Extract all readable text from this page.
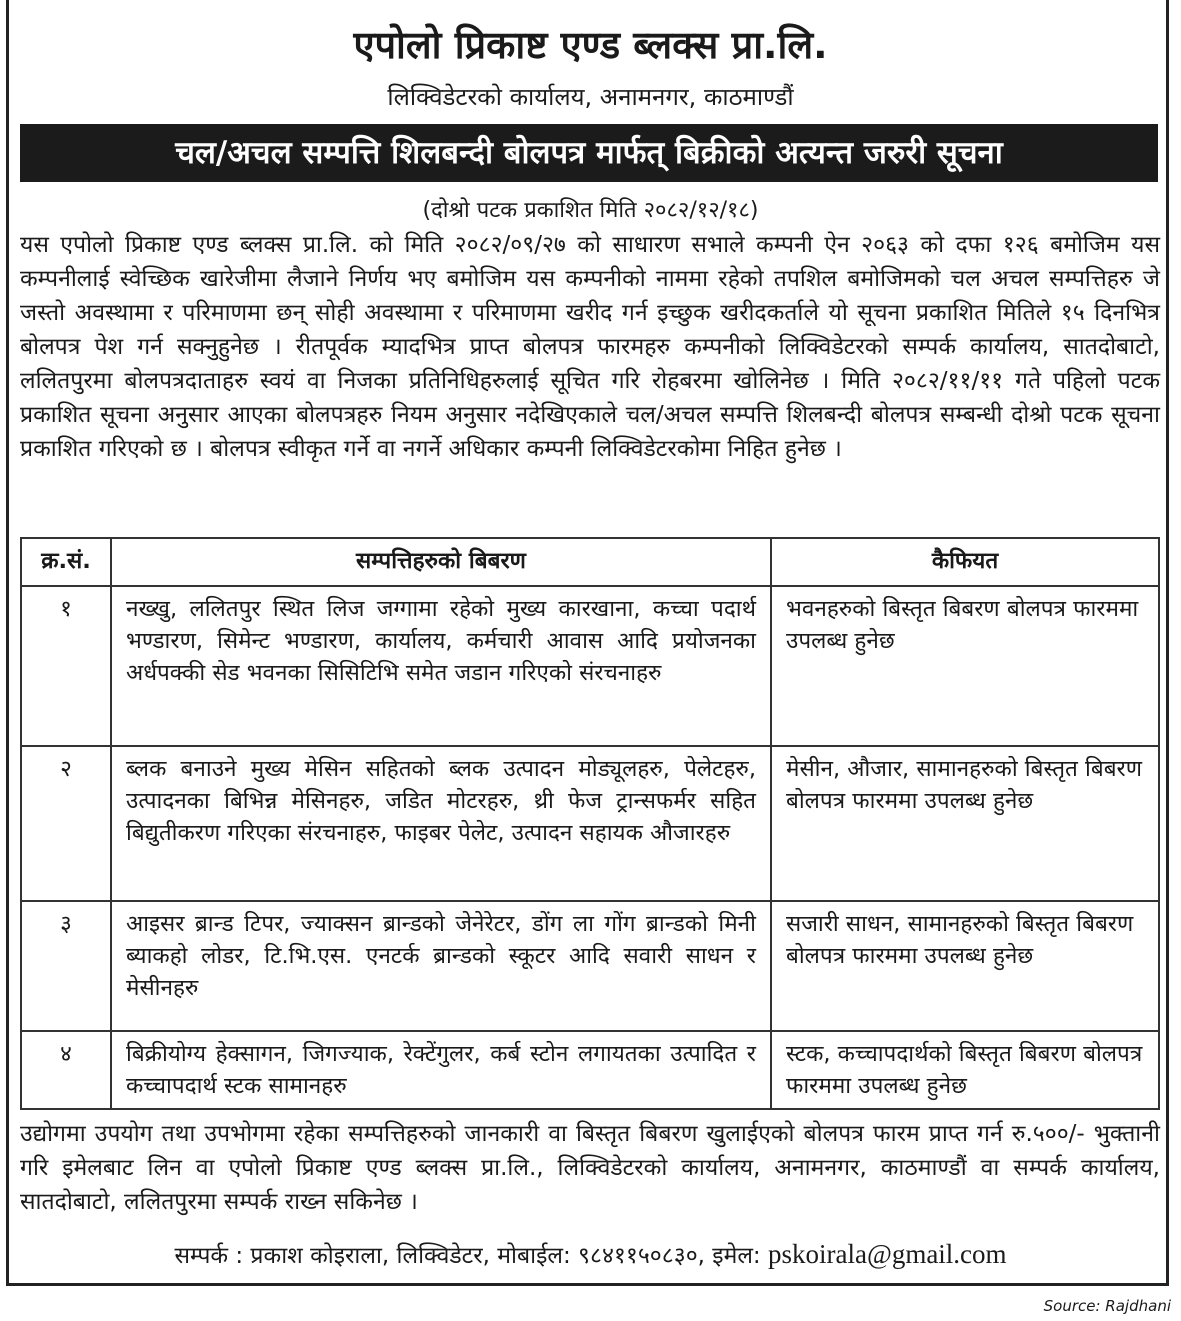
एपोलो प्रिकाष्ट एण्ड ब्लक्स प्रा.लि.
लिक्विडेटरको कार्यालय, अनामनगर, काठमाण्डौं
चल/अचल सम्पत्ति शिलबन्दी बोलपत्र मार्फत् बिक्रीको अत्यन्त जरुरी सूचना
(दोश्रो पटक प्रकाशित मिति २०८२/१२/१८)
यस एपोलो प्रिकाष्ट एण्ड ब्लक्स प्रा.लि. को मिति २०८२/०९/२७ को साधारण सभाले कम्पनी ऐन २०६३ को दफा १२६ बमोजिम यस कम्पनीलाई स्वेच्छिक खारेजीमा लैजाने निर्णय भए बमोजिम यस कम्पनीको नाममा रहेको तपशिल बमोजिमको चल अचल सम्पत्तिहरु जे जस्तो अवस्थामा र परिमाणमा छन् सोही अवस्थामा र परिमाणमा खरीद गर्न इच्छुक खरीदकर्ताले यो सूचना प्रकाशित मितिले १५ दिनभित्र बोलपत्र पेश गर्न सक्नुहुनेछ । रीतपूर्वक म्यादभित्र प्राप्त बोलपत्र फारमहरु कम्पनीको लिक्विडेटरको सम्पर्क कार्यालय, सातदोबाटो, ललितपुरमा बोलपत्रदाताहरु स्वयं वा निजका प्रतिनिधिहरुलाई सूचित गरि रोहबरमा खोलिनेछ । मिति २०८२/११/११ गते पहिलो पटक प्रकाशित सूचना अनुसार आएका बोलपत्रहरु नियम अनुसार नदेखिएकाले चल/अचल सम्पत्ति शिलबन्दी बोलपत्र सम्बन्धी दोश्रो पटक सूचना प्रकाशित गरिएको छ । बोलपत्र स्वीकृत गर्ने वा नगर्ने अधिकार कम्पनी लिक्विडेटरकोमा निहित हुनेछ ।
क्र.सं.	सम्पत्तिहरुको बिबरण	कैफियत
१	नख्खु, ललितपुर स्थित लिज जग्गामा रहेको मुख्य कारखाना, कच्चा पदार्थ भण्डारण, सिमेन्ट भण्डारण, कार्यालय, कर्मचारी आवास आदि प्रयोजनका अर्धपक्की सेड भवनका सिसिटिभि समेत जडान गरिएको संरचनाहरु	भवनहरुको बिस्तृत बिबरण बोलपत्र फारममा उपलब्ध हुनेछ
२	ब्लक बनाउने मुख्य मेसिन सहितको ब्लक उत्पादन मोड्यूलहरु, पेलेटहरु, उत्पादनका बिभिन्न मेसिनहरु, जडित मोटरहरु, थ्री फेज ट्रान्सफर्मर सहित बिद्युतीकरण गरिएका संरचनाहरु, फाइबर पेलेट, उत्पादन सहायक औजारहरु	मेसीन, औजार, सामानहरुको बिस्तृत बिबरण बोलपत्र फारममा उपलब्ध हुनेछ
३	आइसर ब्रान्ड टिपर, ज्याक्सन ब्रान्डको जेनेरेटर, डोंग ला गोंग ब्रान्डको मिनी ब्याकहो लोडर, टि.भि.एस. एनटर्क ब्रान्डको स्कूटर आदि सवारी साधन र मेसीनहरु	सजारी साधन, सामानहरुको बिस्तृत बिबरण बोलपत्र फारममा उपलब्ध हुनेछ
४	बिक्रीयोग्य हेक्सागन, जिगज्याक, रेक्टेंगुलर, कर्ब स्टोन लगायतका उत्पादित र कच्चापदार्थ स्टक सामानहरु	स्टक, कच्चापदार्थको बिस्तृत बिबरण बोलपत्र फारममा उपलब्ध हुनेछ
उद्योगमा उपयोग तथा उपभोगमा रहेका सम्पत्तिहरुको जानकारी वा बिस्तृत बिबरण खुलाईएको बोलपत्र फारम प्राप्त गर्न रु.५००/- भुक्तानी गरि इमेलबाट लिन वा एपोलो प्रिकाष्ट एण्ड ब्लक्स प्रा.लि., लिक्विडेटरको कार्यालय, अनामनगर, काठमाण्डौं वा सम्पर्क कार्यालय, सातदोबाटो, ललितपुरमा सम्पर्क राख्न सकिनेछ ।
सम्पर्क : प्रकाश कोइराला, लिक्विडेटर, मोबाईल: ९८४११५०८३०, इमेल: pskoirala@gmail.com
Source: Rajdhani
